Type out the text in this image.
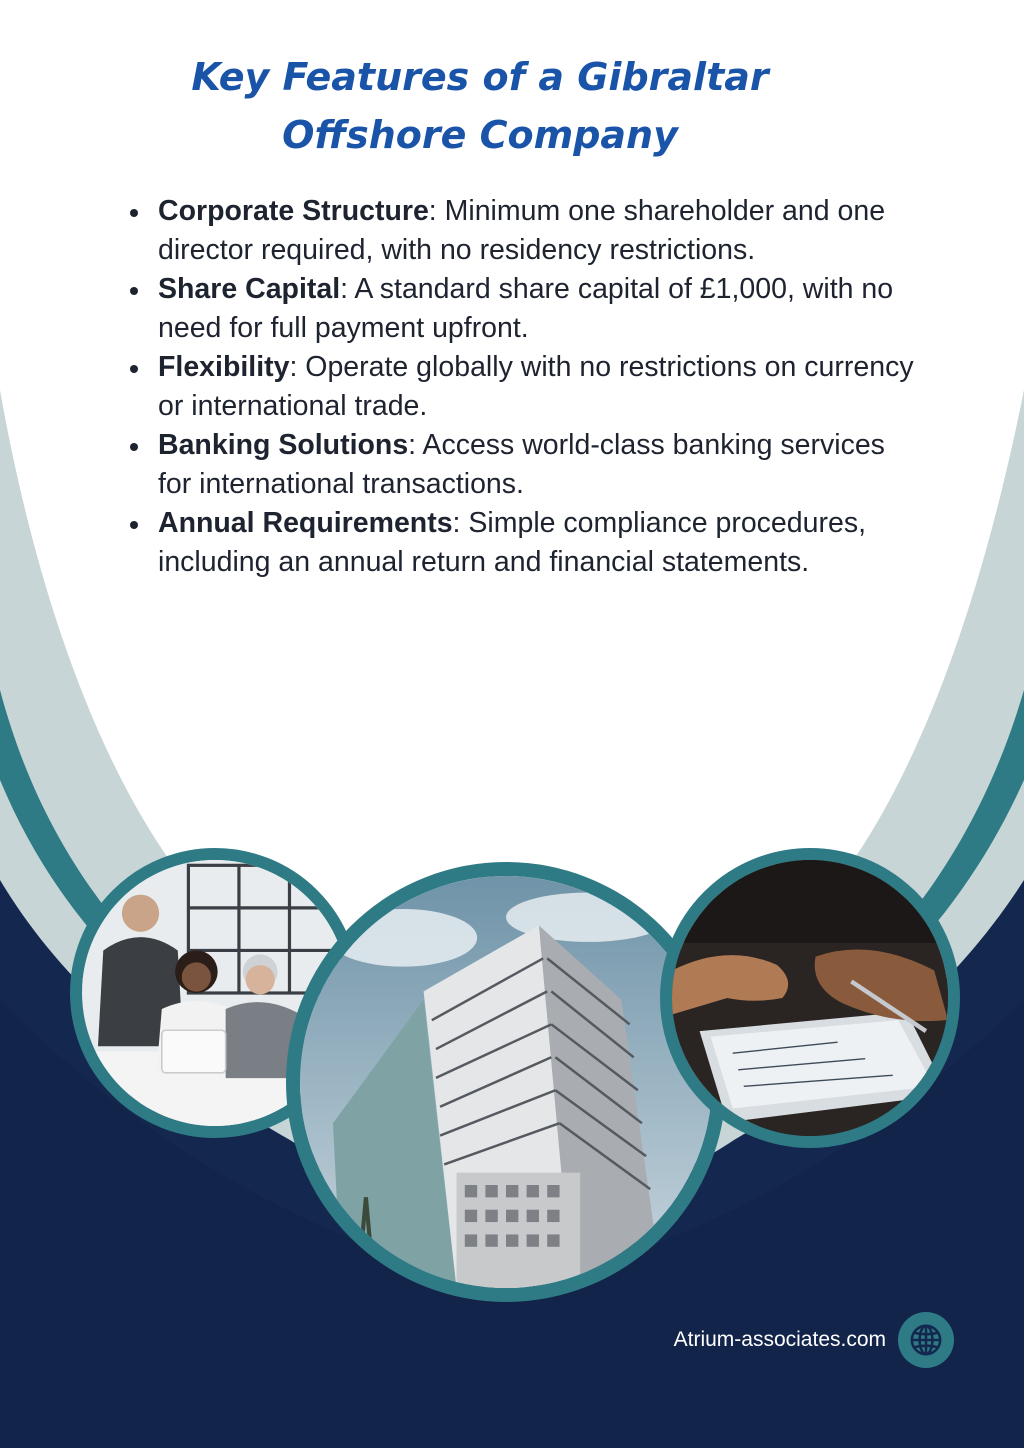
Key Features of a Gibraltar
Offshore Company
Corporate Structure: Minimum one shareholder and one director required, with no residency restrictions.
Share Capital: A standard share capital of £1,000, with no need for full payment upfront.
Flexibility: Operate globally with no restrictions on currency or international trade.
Banking Solutions: Access world-class banking services for international transactions.
Annual Requirements: Simple compliance procedures, including an annual return and financial statements.
Atrium-associates.com
